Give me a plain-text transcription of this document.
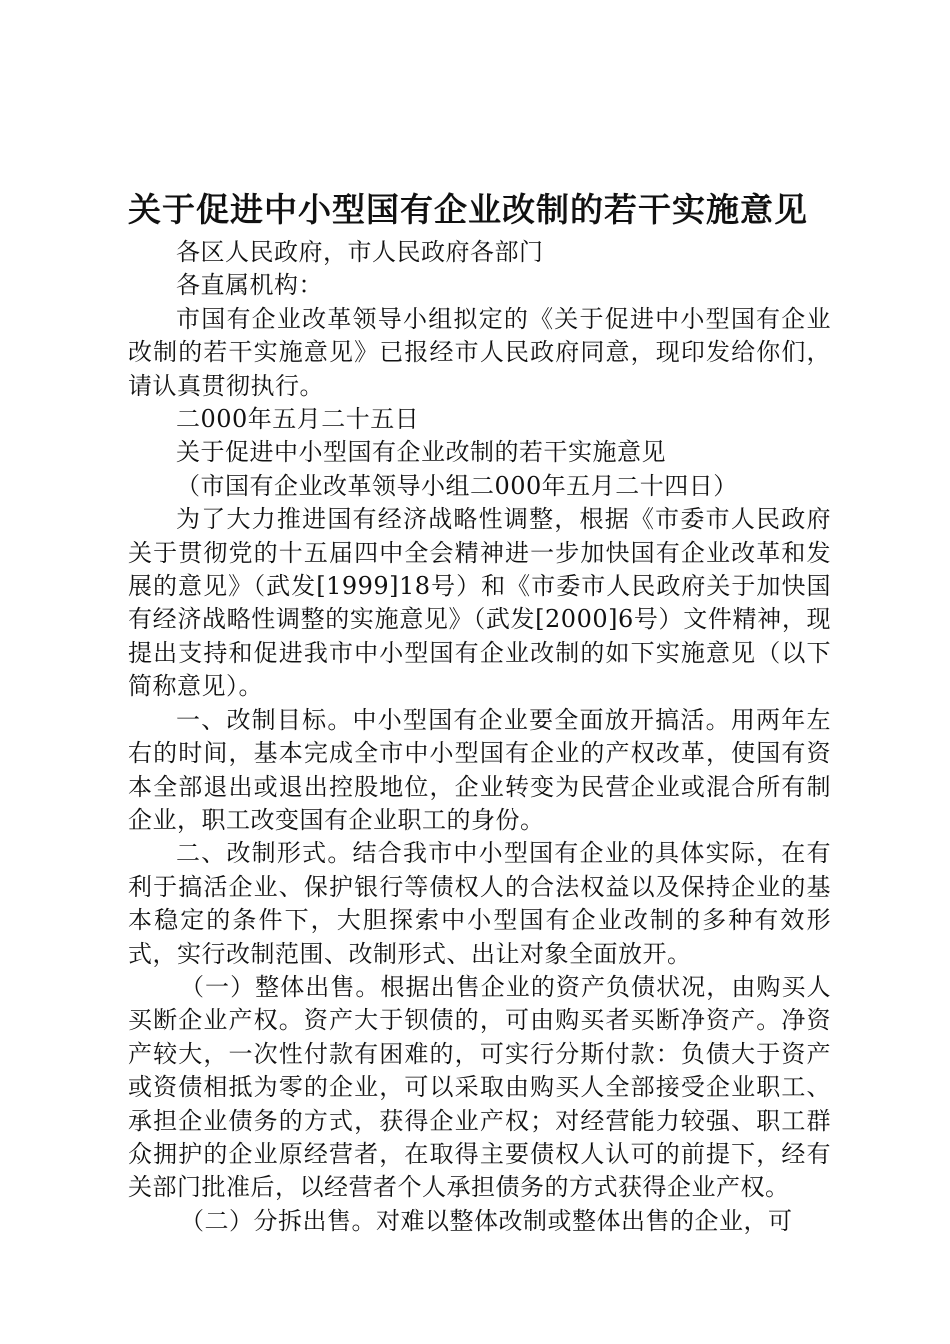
关于促进中小型国有企业改制的若干实施意见

各区人民政府，市人民政府各部门

各直属机构：

市国有企业改革领导小组拟定的《关于促进中小型国有企业改制的若干实施意见》已报经市人民政府同意，现印发给你们，请认真贯彻执行。

二000年五月二十五日

关于促进中小型国有企业改制的若干实施意见

（市国有企业改革领导小组二000年五月二十四日）

为了大力推进国有经济战略性调整，根据《市委市人民政府关于贯彻党的十五届四中全会精神进一步加快国有企业改革和发展的意见》（武发[1999]18号）和《市委市人民政府关于加快国有经济战略性调整的实施意见》（武发[2000]6号）文件精神，现提出支持和促进我市中小型国有企业改制的如下实施意见（以下简称意见）。

一、改制目标。中小型国有企业要全面放开搞活。用两年左右的时间，基本完成全市中小型国有企业的产权改革，使国有资本全部退出或退出控股地位，企业转变为民营企业或混合所有制企业，职工改变国有企业职工的身份。

二、改制形式。结合我市中小型国有企业的具体实际，在有利于搞活企业、保护银行等债权人的合法权益以及保持企业的基本稳定的条件下，大胆探索中小型国有企业改制的多种有效形式，实行改制范围、改制形式、出让对象全面放开。

（一）整体出售。根据出售企业的资产负债状况，由购买人买断企业产权。资产大于钡债的，可由购买者买断净资产。净资产较大，一次性付款有困难的，可实行分斯付款：负债大于资产或资债相抵为零的企业，可以采取由购买人全部接受企业职工、承担企业债务的方式，获得企业产权；对经营能力较强、职工群众拥护的企业原经营者，在取得主要债权人认可的前提下，经有关部门批准后，以经营者个人承担债务的方式获得企业产权。

（二）分拆出售。对难以整体改制或整体出售的企业，可
